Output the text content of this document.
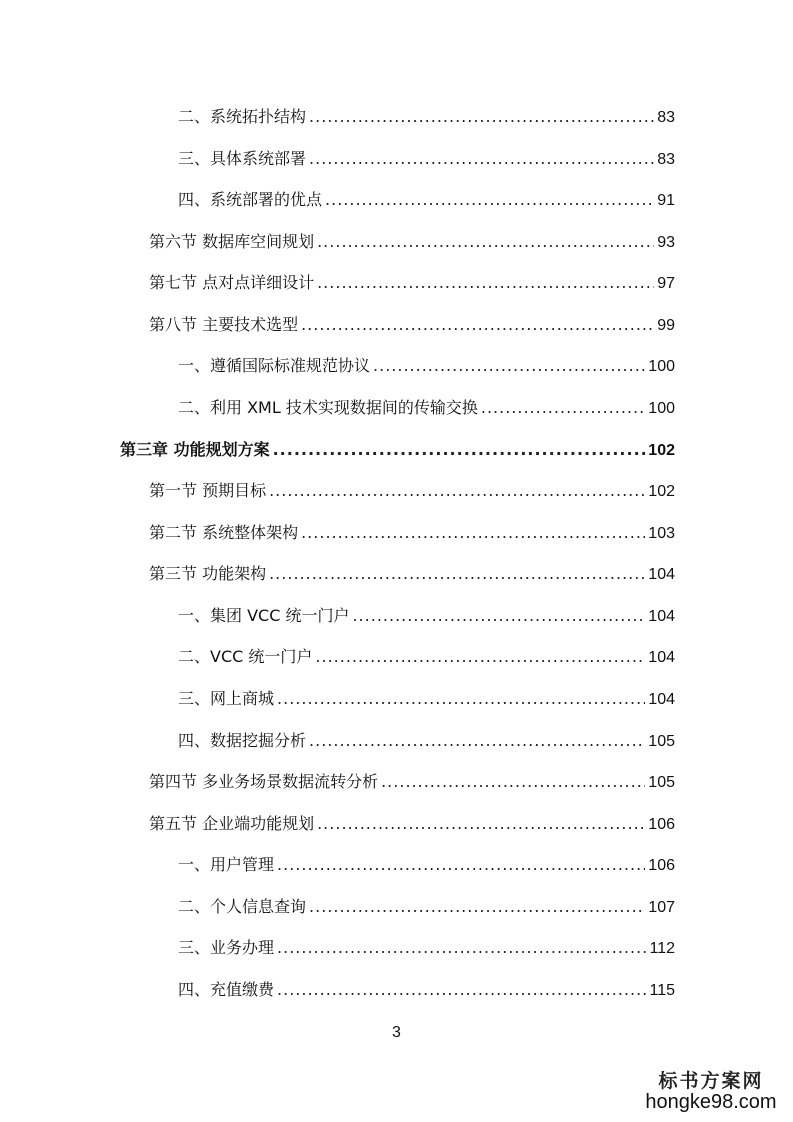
二、系统拓扑结构 .....	83
三、具体系统部署 .....	83
四、系统部署的优点 .....	91
第六节 数据库空间规划 .....	93
第七节 点对点详细设计 .....	97
第八节 主要技术选型 .....	99
一、遵循国际标准规范协议 .....	100
二、利用 XML 技术实现数据间的传输交换 .....	100
第三章 功能规划方案 .....	102
第一节 预期目标 .....	102
第二节 系统整体架构 .....	103
第三节 功能架构 .....	104
一、集团 VCC 统一门户 .....	104
二、VCC 统一门户 .....	104
三、网上商城 .....	104
四、数据挖掘分析 .....	105
第四节 多业务场景数据流转分析 .....	105
第五节 企业端功能规划 .....	106
一、用户管理 .....	106
二、个人信息查询 .....	107
三、业务办理 .....	112
四、充值缴费 .....	115
3
标书方案网
hongke98.com
